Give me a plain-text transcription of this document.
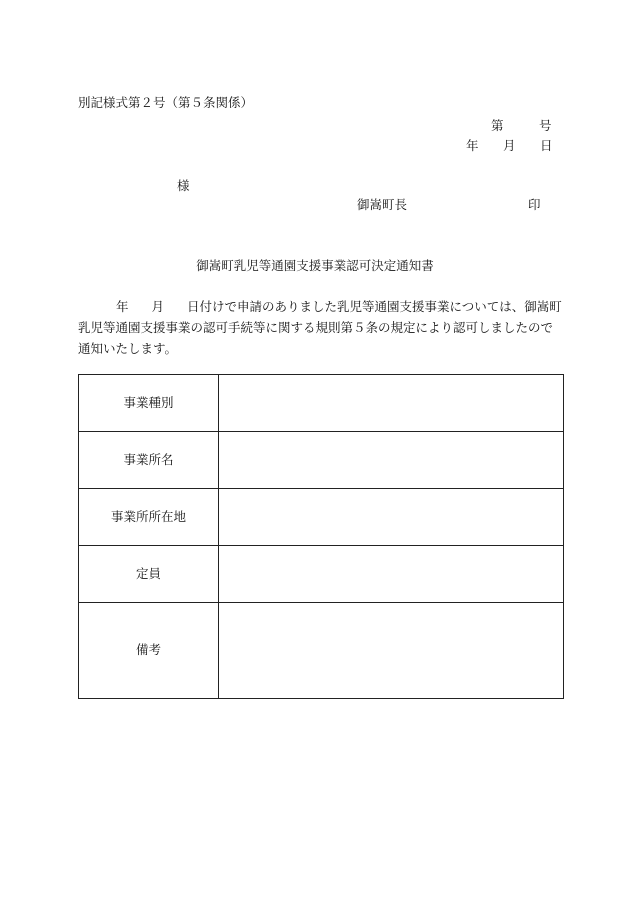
別記様式第２号（第５条関係）
第	号
年 月 日
様
御嵩町長	印
御嵩町乳児等通園支援事業認可決定通知書
年 月 日付けで申請のありました乳児等通園支援事業については、御嵩町
乳児等通園支援事業の認可手続等に関する規則第５条の規定により認可しましたので
通知いたします。
事業種別	
事業所名	
事業所所在地	
定員	
備考	
